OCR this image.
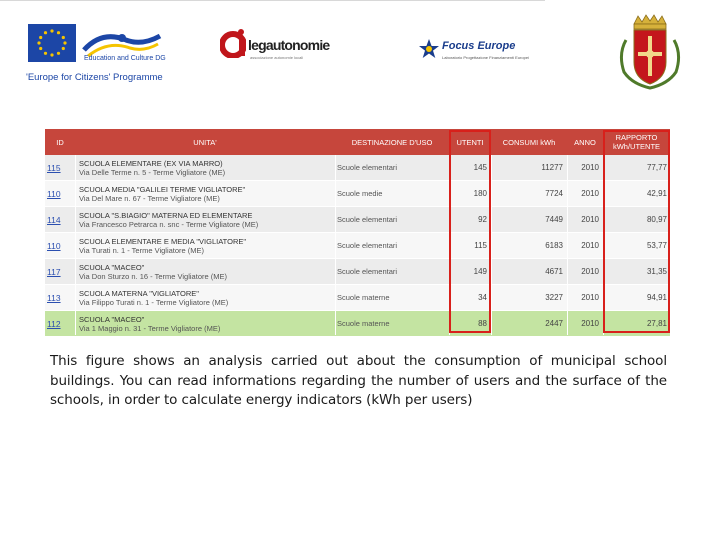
Education and Culture DG
'Europe for Citizens' Programme
legautonomie
associazione autonomie locali
Focus Europe
Laboratorio Progettazione Finanziamenti Europei
ID	UNITA'	DESTINAZIONE D'USO	UTENTI	CONSUMI kWh	ANNO	RAPPORTO
kWh/UTENTE
115	SCUOLA ELEMENTARE (EX VIA MARRO)
Via Delle Terme n. 5 - Terme Vigliatore (ME)	Scuole elementari	145	11277	2010	77,77
110	SCUOLA MEDIA "GALILEI TERME VIGLIATORE"
Via Del Mare n. 67 - Terme Vigliatore (ME)	Scuole medie	180	7724	2010	42,91
114	SCUOLA "S.BIAGIO" MATERNA ED ELEMENTARE
Via Francesco Petrarca n. snc - Terme Vigliatore (ME)	Scuole elementari	92	7449	2010	80,97
110	SCUOLA ELEMENTARE E MEDIA "VIGLIATORE"
Via Turati n. 1 - Terme Vigliatore (ME)	Scuole elementari	115	6183	2010	53,77
117	SCUOLA "MACEO"
Via Don Sturzo n. 16 - Terme Vigliatore (ME)	Scuole elementari	149	4671	2010	31,35
113	SCUOLA MATERNA "VIGLIATORE"
Via Filippo Turati n. 1 - Terme Vigliatore (ME)	Scuole materne	34	3227	2010	94,91
112	SCUOLA "MACEO"
Via 1 Maggio n. 31 - Terme Vigliatore (ME)	Scuole materne	88	2447	2010	27,81
This figure shows an analysis carried out about the consumption of municipal school buildings. You can read informations regarding the number of users and the surface of the schools, in order to calculate energy indicators (kWh per users)
